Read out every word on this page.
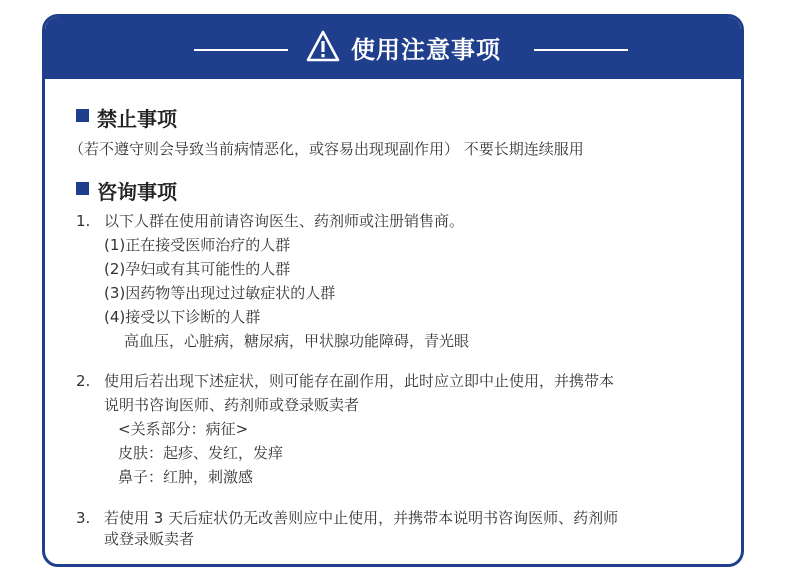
使用注意事项
禁止事项
（若不遵守则会导致当前病情恶化，或容易出现现副作用） 不要长期连续服用
咨询事项
1. 以下人群在使用前请咨询医生、药剂师或注册销售商。
(1)正在接受医师治疗的人群
(2)孕妇或有其可能性的人群
(3)因药物等出现过过敏症状的人群
(4)接受以下诊断的人群
高血压，心脏病，糖尿病，甲状腺功能障碍，青光眼
2. 使用后若出现下述症状，则可能存在副作用，此时应立即中止使用，并携带本
说明书咨询医师、药剂师或登录贩卖者
<关系部分：病征>
皮肤：起疹、发红，发痒
鼻子：红肿，刺激感
3. 若使用 3 天后症状仍无改善则应中止使用，并携带本说明书咨询医师、药剂师
或登录贩卖者
